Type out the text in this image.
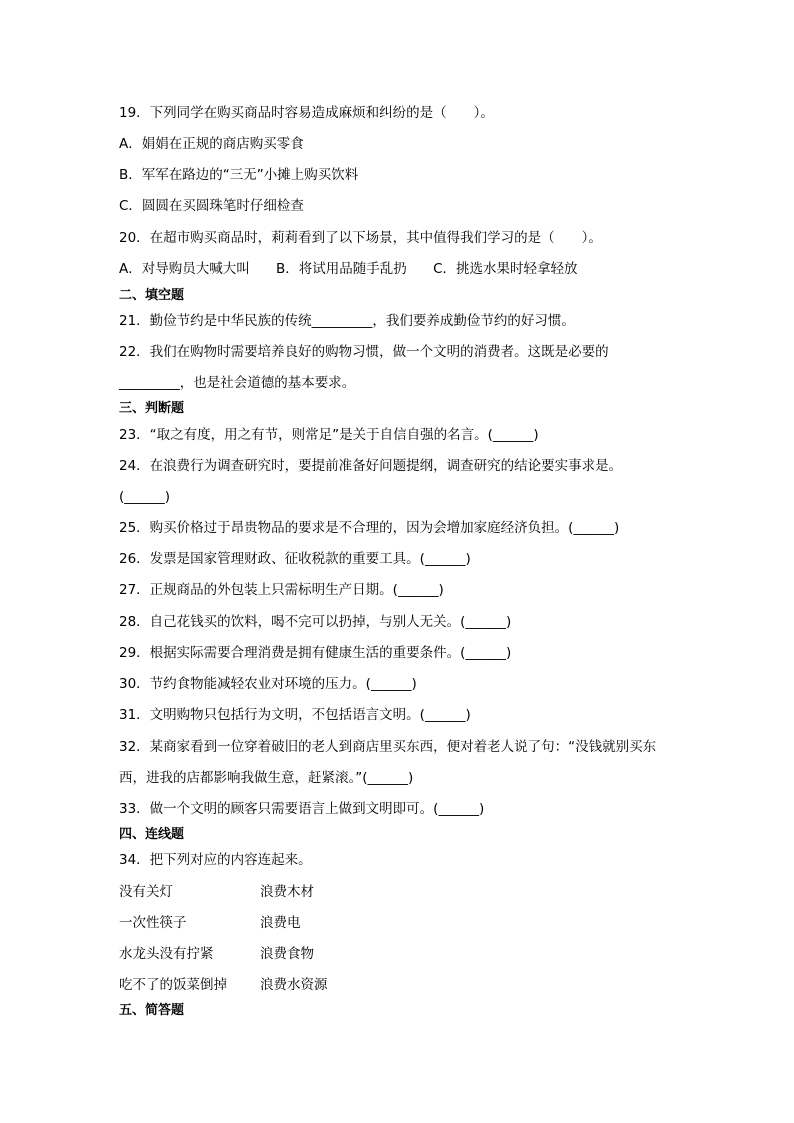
19．下列同学在购买商品时容易造成麻烦和纠纷的是（　　）。
A．娟娟在正规的商店购买零食
B．军军在路边的“三无”小摊上购买饮料
C．圆圆在买圆珠笔时仔细检查
20．在超市购买商品时，莉莉看到了以下场景，其中值得我们学习的是（　　）。
A．对导购员大喊大叫 B．将试用品随手乱扔 C．挑选水果时轻拿轻放
二、填空题
21．勤俭节约是中华民族的传统_________，我们要养成勤俭节约的好习惯。
22．我们在购物时需要培养良好的购物习惯，做一个文明的消费者。这既是必要的
_________，也是社会道德的基本要求。
三、判断题
23．“取之有度，用之有节，则常足”是关于自信自强的名言。(______)
24．在浪费行为调查研究时，要提前准备好问题提纲，调查研究的结论要实事求是。
(______)
25．购买价格过于昂贵物品的要求是不合理的，因为会增加家庭经济负担。(______)
26．发票是国家管理财政、征收税款的重要工具。(______)
27．正规商品的外包装上只需标明生产日期。(______)
28．自己花钱买的饮料，喝不完可以扔掉，与别人无关。(______)
29．根据实际需要合理消费是拥有健康生活的重要条件。(______)
30．节约食物能减轻农业对环境的压力。(______)
31．文明购物只包括行为文明，不包括语言文明。(______)
32．某商家看到一位穿着破旧的老人到商店里买东西，便对着老人说了句：“没钱就别买东
西，进我的店都影响我做生意，赶紧滚。”(______)
33．做一个文明的顾客只需要语言上做到文明即可。(______)
四、连线题
34．把下列对应的内容连起来。
没有关灯	浪费木材
一次性筷子	浪费电
水龙头没有拧紧	浪费食物
吃不了的饭菜倒掉 浪费水资源
五、简答题
